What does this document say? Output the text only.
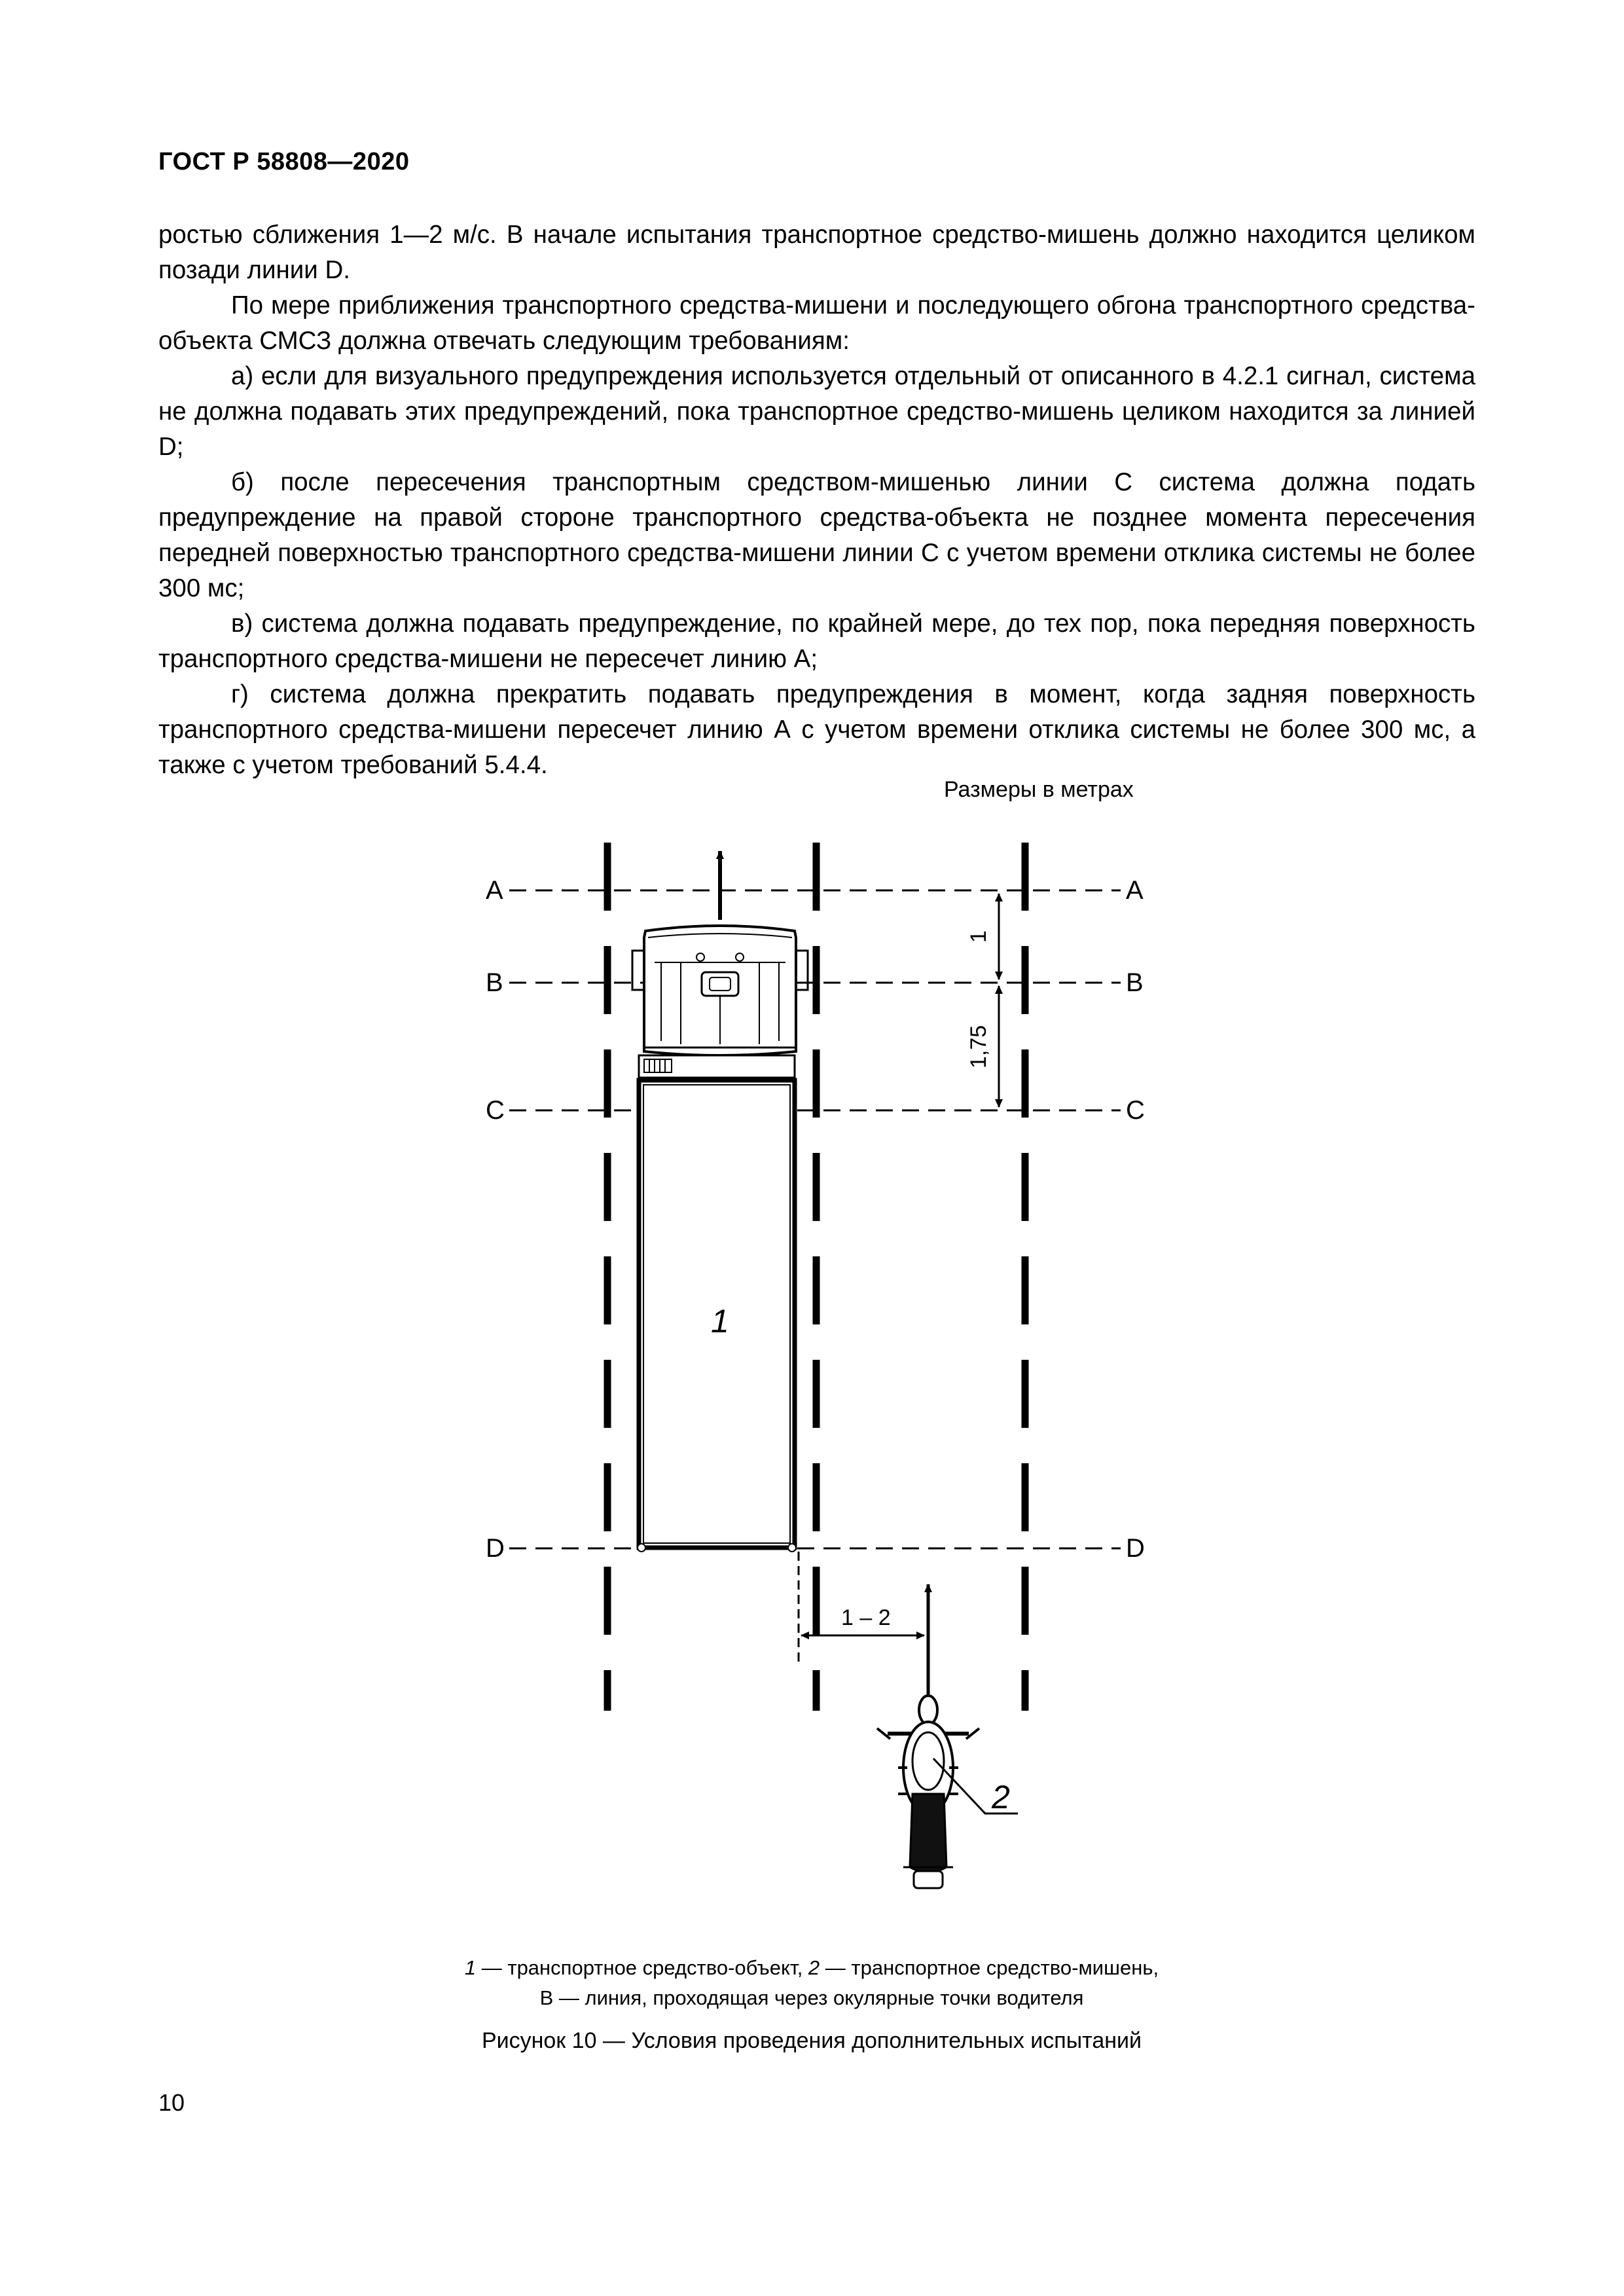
ГОСТ Р 58808—2020

ростью сближения 1—2 м/с. В начале испытания транспортное средство-мишень должно находится целиком позади линии D.

По мере приближения транспортного средства-мишени и последующего обгона транспортного средства-объекта СМСЗ должна отвечать следующим требованиям:

а) если для визуального предупреждения используется отдельный от описанного в 4.2.1 сигнал, система не должна подавать этих предупреждений, пока транспортное средство-мишень целиком находится за линией D;

б) после пересечения транспортным средством-мишенью линии С система должна подать предупреждение на правой стороне транспортного средства-объекта не позднее момента пересечения передней поверхностью транспортного средства-мишени линии С с учетом времени отклика системы не более 300 мс;

в) система должна подавать предупреждение, по крайней мере, до тех пор, пока передняя поверхность транспортного средства-мишени не пересечет линию А;

г) система должна прекратить подавать предупреждения в момент, когда задняя поверхность транспортного средства-мишени пересечет линию А с учетом времени отклика системы не более 300 мс, а также с учетом требований 5.4.4.

Размеры в метрах
A	A
B	B
C	C
D	D
1
1
1,75
1 – 2
2
1 — транспортное средство-объект, 2 — транспортное средство-мишень,
В — линия, проходящая через окулярные точки водителя
Рисунок 10 — Условия проведения дополнительных испытаний
10
